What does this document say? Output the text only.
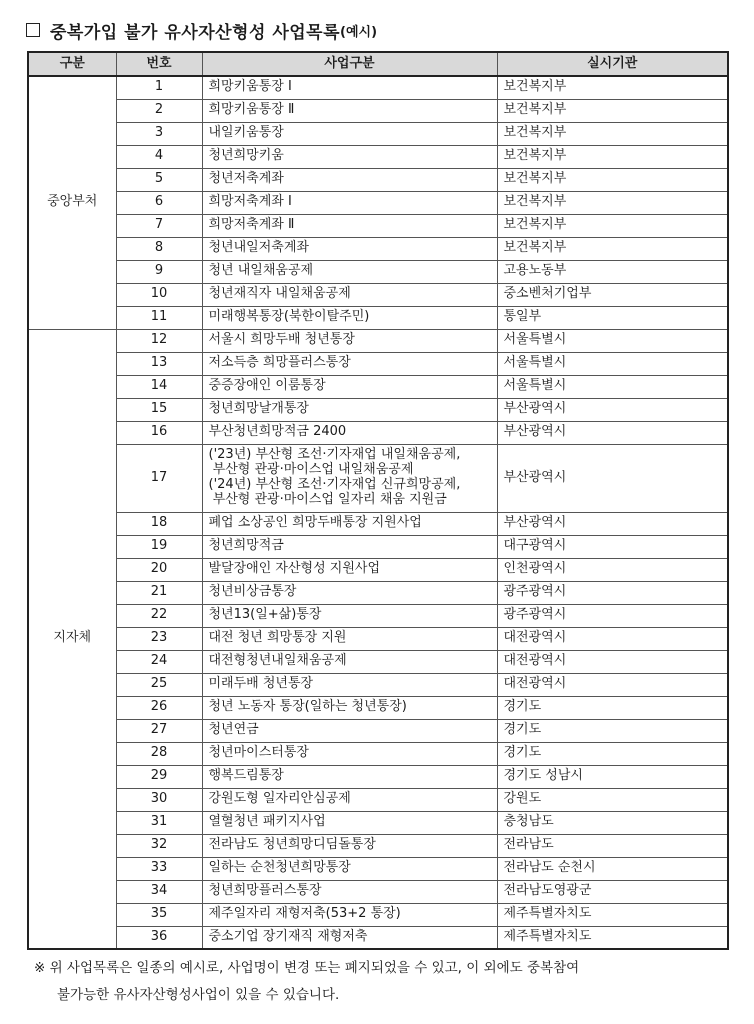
중복가입 불가 유사자산형성 사업목록 (예시)
구분	번호	사업구분	실시기관
중앙부처	1	희망키움통장 Ⅰ	보건복지부
	2	희망키움통장 Ⅱ	보건복지부
	3	내일키움통장	보건복지부
	4	청년희망키움	보건복지부
	5	청년저축계좌	보건복지부
	6	희망저축계좌 Ⅰ	보건복지부
	7	희망저축계좌 Ⅱ	보건복지부
	8	청년내일저축계좌	보건복지부
	9	청년 내일채움공제	고용노동부
	10	청년재직자 내일채움공제	중소벤처기업부
	11	미래행복통장(북한이탈주민)	통일부
지자체	12	서울시 희망두배 청년통장	서울특별시
	13	저소득층 희망플러스통장	서울특별시
	14	중증장애인 이룸통장	서울특별시
	15	청년희망날개통장	부산광역시
	16	부산청년희망적금 2400	부산광역시
	17	('23년) 부산형 조선·기자재업 내일채움공제,
부산형 관광·마이스업 내일채움공제
('24년) 부산형 조선·기자재업 신규희망공제,
부산형 관광·마이스업 일자리 채움 지원금	부산광역시
	18	폐업 소상공인 희망두배통장 지원사업	부산광역시
	19	청년희망적금	대구광역시
	20	발달장애인 자산형성 지원사업	인천광역시
	21	청년비상금통장	광주광역시
	22	청년13(일+삶)통장	광주광역시
	23	대전 청년 희망통장 지원	대전광역시
	24	대전형청년내일채움공제	대전광역시
	25	미래두배 청년통장	대전광역시
	26	청년 노동자 통장(일하는 청년통장)	경기도
	27	청년연금	경기도
	28	청년마이스터통장	경기도
	29	행복드림통장	경기도 성남시
	30	강원도형 일자리안심공제	강원도
	31	열혈청년 패키지사업	충청남도
	32	전라남도 청년희망디딤돌통장	전라남도
	33	일하는 순천청년희망통장	전라남도 순천시
	34	청년희망플러스통장	전라남도영광군
	35	제주일자리 재형저축(53+2 통장)	제주특별자치도
	36	중소기업 장기재직 재형저축	제주특별자치도
※ 위 사업목록은 일종의 예시로, 사업명이 변경 또는 폐지되었을 수 있고, 이 외에도 중복참여
불가능한 유사자산형성사업이 있을 수 있습니다.
